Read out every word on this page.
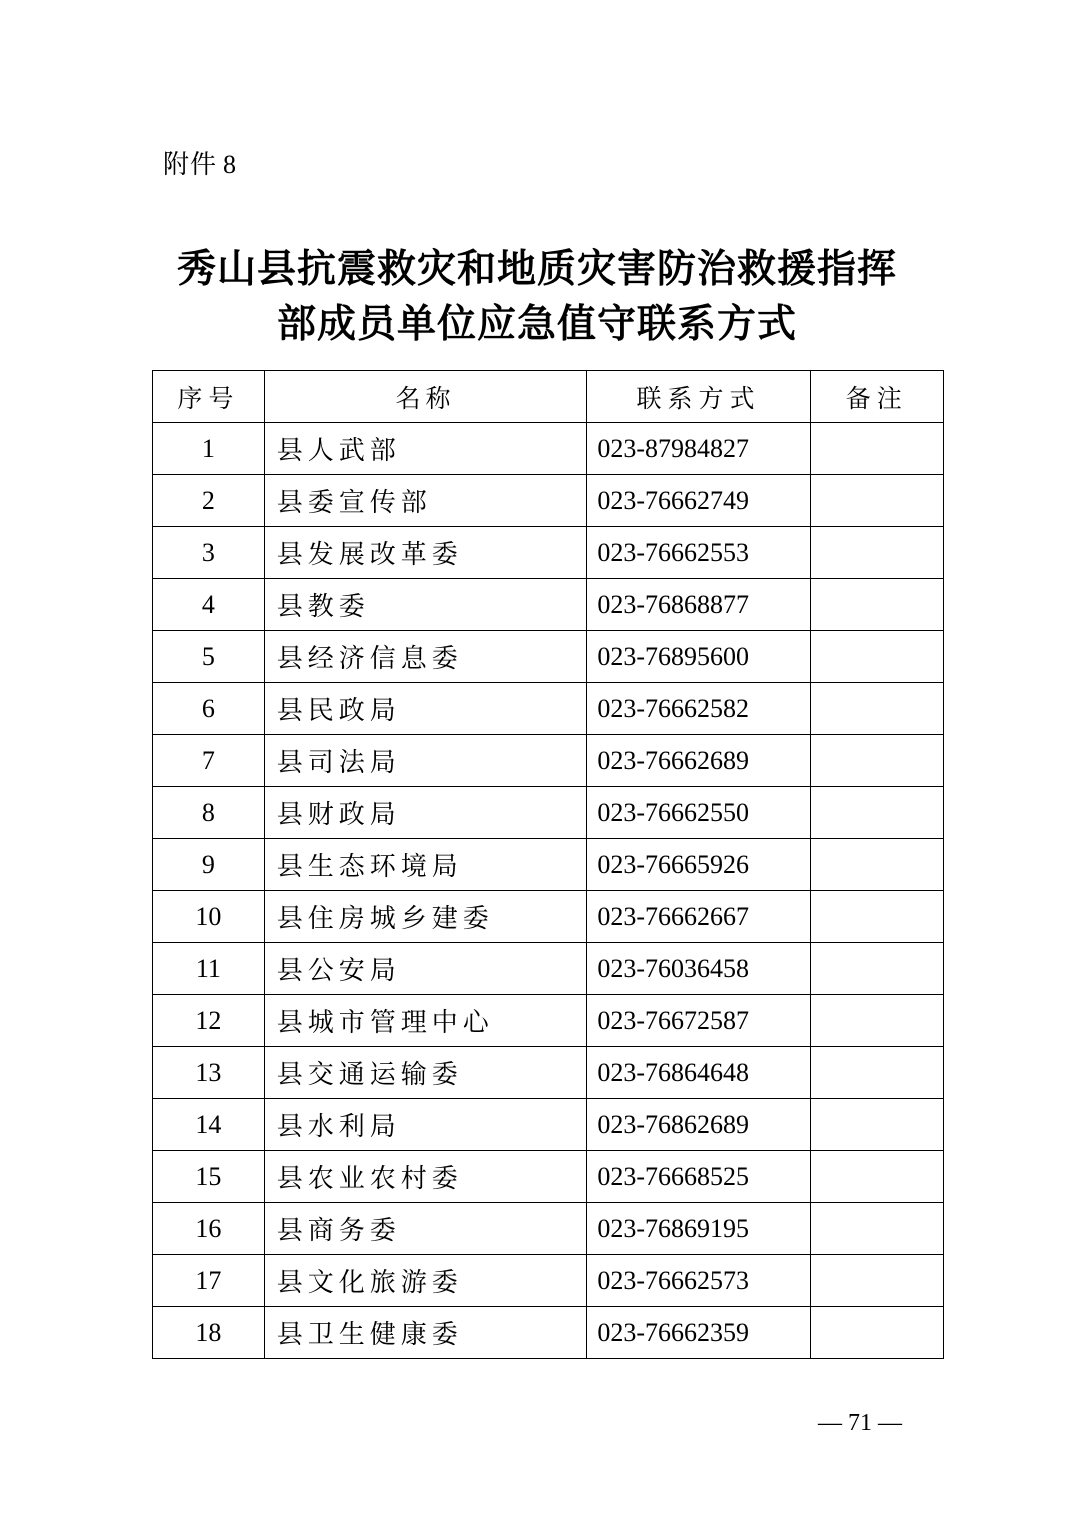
附件 8
秀山县抗震救灾和地质灾害防治救援指挥
部成员单位应急值守联系方式
序号	名称	联系方式	备注
1	县人武部	023-87984827	
2	县委宣传部	023-76662749	
3	县发展改革委	023-76662553	
4	县教委	023-76868877	
5	县经济信息委	023-76895600	
6	县民政局	023-76662582	
7	县司法局	023-76662689	
8	县财政局	023-76662550	
9	县生态环境局	023-76665926	
10	县住房城乡建委	023-76662667	
11	县公安局	023-76036458	
12	县城市管理中心	023-76672587	
13	县交通运输委	023-76864648	
14	县水利局	023-76862689	
15	县农业农村委	023-76668525	
16	县商务委	023-76869195	
17	县文化旅游委	023-76662573	
18	县卫生健康委	023-76662359	
— 71 —
